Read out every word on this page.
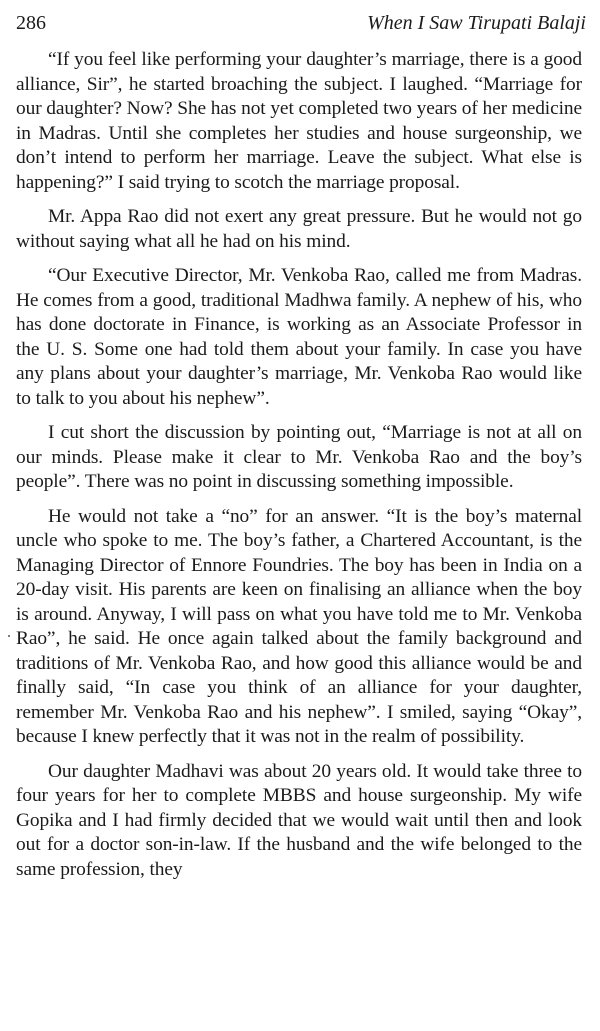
286	When I Saw Tirupati Balaji

“If you feel like performing your daughter’s marriage, there is a good alliance, Sir”, he started broaching the subject. I laughed. “Marriage for our daughter? Now? She has not yet completed two years of her medicine in Madras. Until she completes her studies and house surgeonship, we don’t intend to perform her marriage. Leave the subject. What else is happening?” I said trying to scotch the marriage proposal.

Mr. Appa Rao did not exert any great pressure. But he would not go without saying what all he had on his mind.

“Our Executive Director, Mr. Venkoba Rao, called me from Madras. He comes from a good, traditional Madhwa family. A nephew of his, who has done doctorate in Finance, is working as an Associate Professor in the U. S. Some one had told them about your family. In case you have any plans about your daughter’s marriage, Mr. Venkoba Rao would like to talk to you about his nephew”.

I cut short the discussion by pointing out, “Marriage is not at all on our minds. Please make it clear to Mr. Venkoba Rao and the boy’s people”. There was no point in discussing something impossible.

He would not take a “no” for an answer. “It is the boy’s maternal uncle who spoke to me. The boy’s father, a Chartered Accountant, is the Managing Director of Ennore Foundries. The boy has been in India on a 20-day visit. His parents are keen on finalising an alliance when the boy is around. Anyway, I will pass on what you have told me to Mr. Venkoba Rao”, he said. He once again talked about the family background and traditions of Mr. Venkoba Rao, and how good this alliance would be and finally said, “In case you think of an alliance for your daughter, remember Mr. Venkoba Rao and his nephew”. I smiled, saying “Okay”, because I knew perfectly that it was not in the realm of possibility.

Our daughter Madhavi was about 20 years old. It would take three to four years for her to complete MBBS and house surgeonship. My wife Gopika and I had firmly decided that we would wait until then and look out for a doctor son-in-law. If the husband and the wife belonged to the same profession, they
